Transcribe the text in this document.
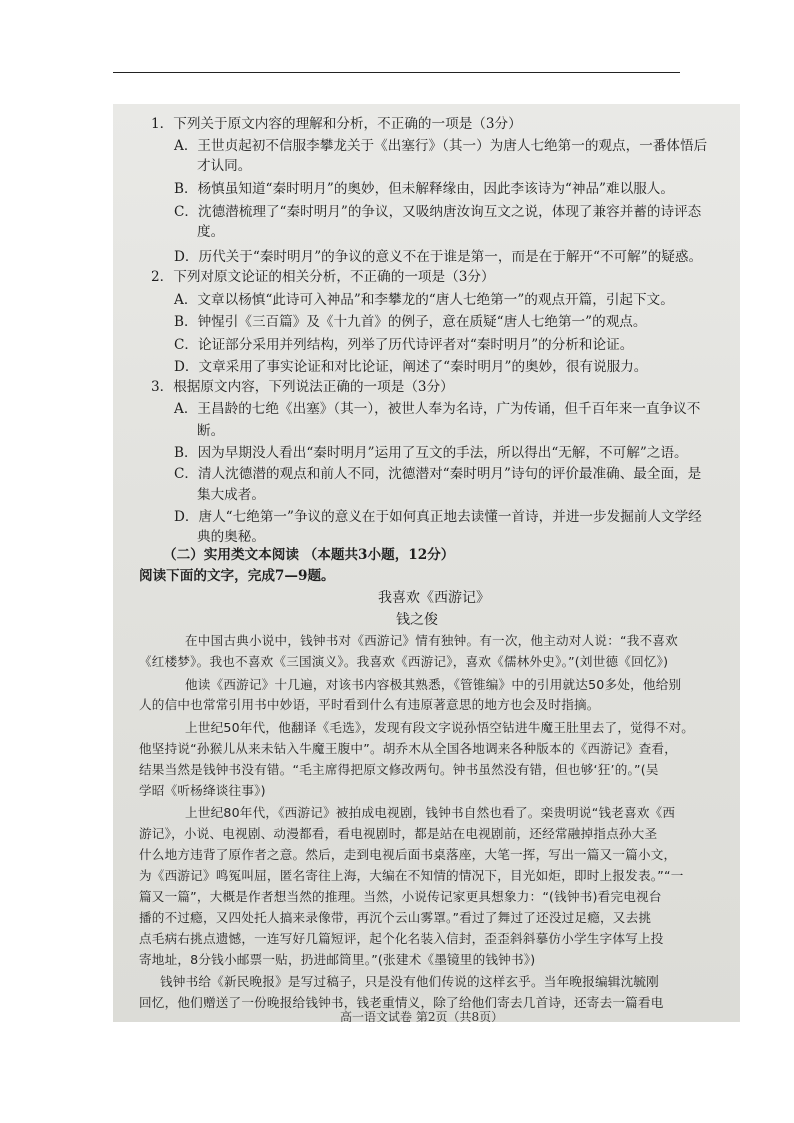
1．下列关于原文内容的理解和分析，不正确的一项是（3分）
A．王世贞起初不信服李攀龙关于《出塞行》（其一）为唐人七绝第一的观点，一番体悟后
才认同。
B．杨慎虽知道“秦时明月”的奥妙，但未解释缘由，因此李该诗为“神品”难以服人。
C．沈德潜梳理了“秦时明月”的争议，又吸纳唐汝询互文之说，体现了兼容并蓄的诗评态
度。
D．历代关于“秦时明月”的争议的意义不在于谁是第一，而是在于解开“不可解”的疑惑。
2．下列对原文论证的相关分析，不正确的一项是（3分）
A．文章以杨慎“此诗可入神品”和李攀龙的“唐人七绝第一”的观点开篇，引起下文。
B．钟惺引《三百篇》及《十九首》的例子，意在质疑“唐人七绝第一”的观点。
C．论证部分采用并列结构，列举了历代诗评者对“秦时明月”的分析和论证。
D．文章采用了事实论证和对比论证，阐述了“秦时明月”的奥妙，很有说服力。
3．根据原文内容，下列说法正确的一项是（3分）
A．王昌龄的七绝《出塞》（其一），被世人奉为名诗，广为传诵，但千百年来一直争议不
断。
B．因为早期没人看出“秦时明月”运用了互文的手法，所以得出“无解，不可解”之语。
C．清人沈德潜的观点和前人不同，沈德潜对“秦时明月”诗句的评价最准确、最全面，是
集大成者。
D．唐人“七绝第一”争议的意义在于如何真正地去读懂一首诗，并进一步发掘前人文学经
典的奥秘。
（二）实用类文本阅读 （本题共3小题，12分）
阅读下面的文字，完成7—9题。
我喜欢《西游记》
钱之俊
在中国古典小说中，钱钟书对《西游记》情有独钟。有一次，他主动对人说：“我不喜欢
《红楼梦》。我也不喜欢《三国演义》。我喜欢《西游记》，喜欢《儒林外史》。”(刘世德《回忆》)
他读《西游记》十几遍，对该书内容极其熟悉，《管锥编》中的引用就达50多处，他给别
人的信中也常常引用书中妙语，平时看到什么有违原著意思的地方也会及时指摘。
上世纪50年代，他翻译《毛选》，发现有段文字说孙悟空钻进牛魔王肚里去了，觉得不对。
他坚持说“孙猴儿从来未钻入牛魔王腹中”。胡乔木从全国各地调来各种版本的《西游记》查看，
结果当然是钱钟书没有错。“毛主席得把原文修改两句。钟书虽然没有错，但也够‘狂’的。”(吴
学昭《听杨绛谈往事》)
上世纪80年代，《西游记》被拍成电视剧，钱钟书自然也看了。栾贵明说“钱老喜欢《西
游记》，小说、电视剧、动漫都看，看电视剧时，都是站在电视剧前，还经常融掉指点孙大圣
什么地方违背了原作者之意。然后，走到电视后面书桌落座，大笔一挥，写出一篇又一篇小文，
为《西游记》鸣冤叫屈，匿名寄往上海，大编在不知情的情况下，目光如炬，即时上报发表。”“一
篇又一篇”，大概是作者想当然的推理。当然，小说传记家更具想象力：“(钱钟书)看完电视台
播的不过瘾，又四处托人搞来录像带，再沉个云山雾罩。”看过了舞过了还没过足瘾，又去挑
点毛病右挑点遗憾，一连写好几篇短评，起个化名装入信封，歪歪斜斜摹仿小学生字体写上投
寄地址，8分钱小邮票一贴，扔进邮筒里。”(张建术《墨镜里的钱钟书》)
钱钟书给《新民晚报》是写过稿子，只是没有他们传说的这样玄乎。当年晚报编辑沈毓刚
回忆，他们赠送了一份晚报给钱钟书，钱老重情义，除了给他们寄去几首诗，还寄去一篇看电
高一语文试卷 第2页（共8页）
